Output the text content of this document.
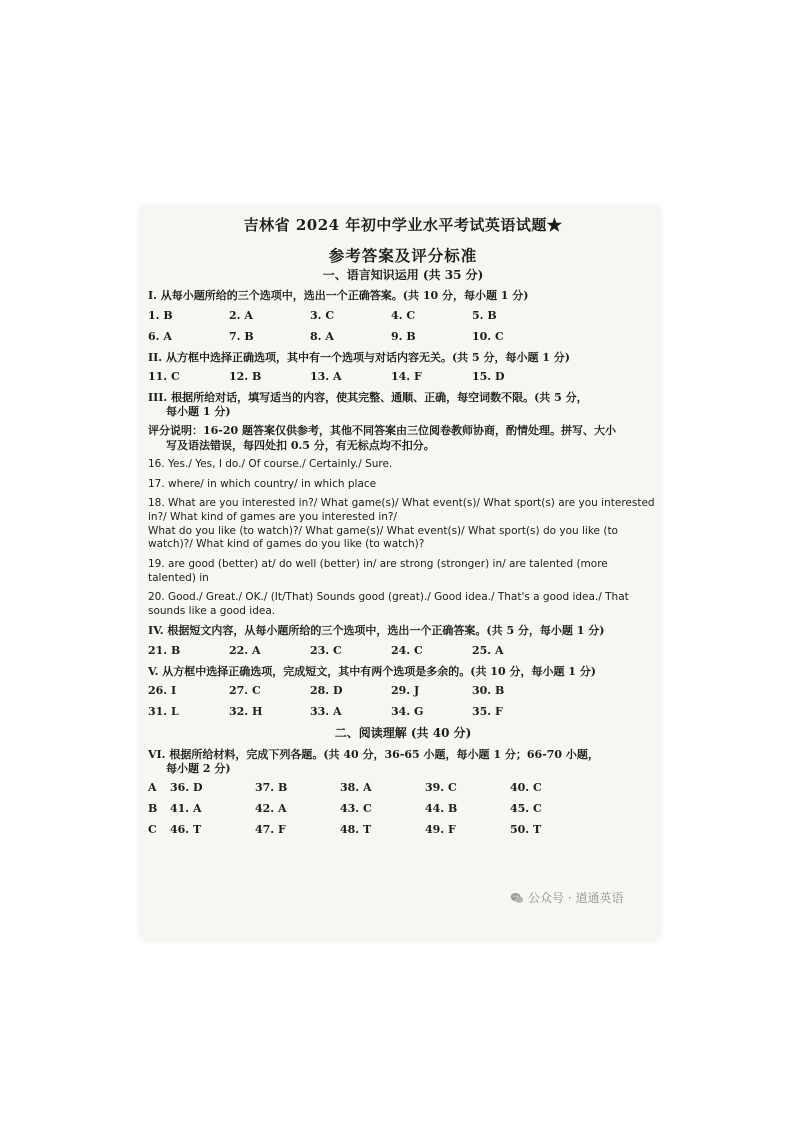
吉林省 2024 年初中学业水平考试英语试题★
参考答案及评分标准
一、语言知识运用 (共 35 分)
I. 从每小题所给的三个选项中，选出一个正确答案。(共 10 分，每小题 1 分)
1. B	2. A	3. C	4. C	5. B
6. A	7. B	8. A	9. B	10. C
II. 从方框中选择正确选项，其中有一个选项与对话内容无关。(共 5 分，每小题 1 分)
11. C	12. B	13. A	14. F	15. D
III. 根据所给对话，填写适当的内容，使其完整、通顺、正确，每空词数不限。(共 5 分，
每小题 1 分)
评分说明：16-20 题答案仅供参考，其他不同答案由三位阅卷教师协商，酌情处理。拼写、大小
写及语法错误，每四处扣 0.5 分，有无标点均不扣分。
16. Yes./ Yes, I do./ Of course./ Certainly./ Sure.
17. where/ in which country/ in which place
18. What are you interested in?/ What game(s)/ What event(s)/ What sport(s) are you interested
in?/ What kind of games are you interested in?/
What do you like (to watch)?/ What game(s)/ What event(s)/ What sport(s) do you like (to
watch)?/ What kind of games do you like (to watch)?
19. are good (better) at/ do well (better) in/ are strong (stronger) in/ are talented (more talented) in
20. Good./ Great./ OK./ (It/That) Sounds good (great)./ Good idea./ That's a good idea./ That
sounds like a good idea.
IV. 根据短文内容，从每小题所给的三个选项中，选出一个正确答案。(共 5 分，每小题 1 分)
21. B	22. A	23. C	24. C	25. A
V. 从方框中选择正确选项，完成短文，其中有两个选项是多余的。(共 10 分，每小题 1 分)
26. I	27. C	28. D	29. J	30. B
31. L	32. H	33. A	34. G	35. F
二、阅读理解 (共 40 分)
VI. 根据所给材料，完成下列各题。(共 40 分，36-65 小题，每小题 1 分；66-70 小题，
每小题 2 分)
A	36. D	37. B	38. A	39. C	40. C
B	41. A	42. A	43. C	44. B	45. C
C	46. T	47. F	48. T	49. F	50. T
公众号 · 道通英语
